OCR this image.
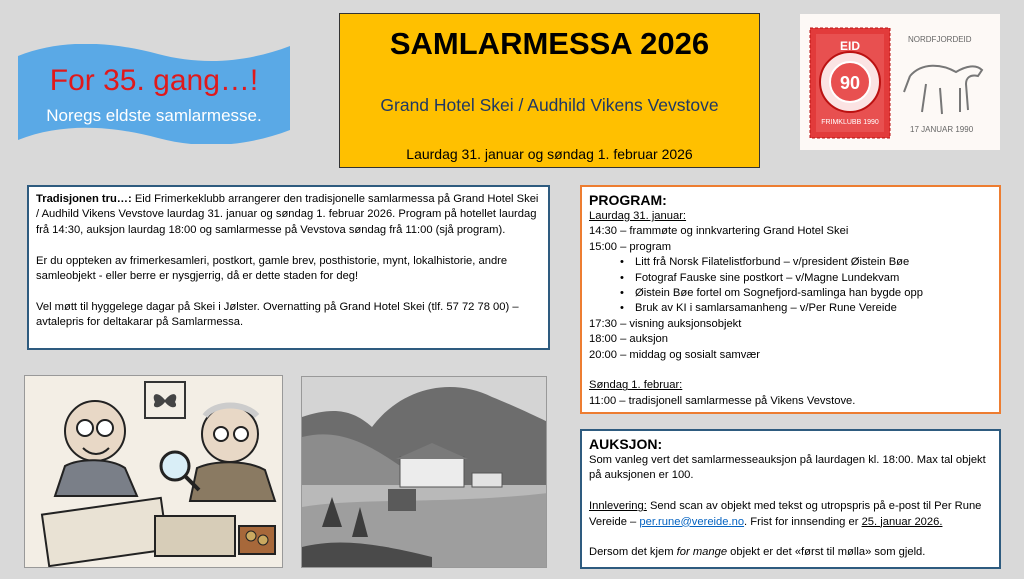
For 35. gang…!
Noregs eldste samlarmesse.
SAMLARMESSA 2026
Grand Hotel Skei / Audhild Vikens Vevstove
Laurdag 31. januar og søndag 1. februar 2026
90
EID
FRIMKLUBB 1990
NORDFJORDEID
17 JANUAR 1990

Tradisjonen tru…: Eid Frimerkeklubb arrangerer den tradisjonelle samlarmessa på Grand Hotel Skei / Audhild Vikens Vevstove laurdag 31. januar og søndag 1. februar 2026. Program på hotellet laurdag frå 14:30, auksjon laurdag 18:00 og samlarmesse på Vevstova søndag frå 11:00 (sjå program).

Er du oppteken av frimerkesamleri, postkort, gamle brev, posthistorie, mynt, lokalhistorie, andre samleobjekt - eller berre er nysgjerrig, då er dette staden for deg!

Vel møtt til hyggelege dagar på Skei i Jølster. Overnatting på Grand Hotel Skei (tlf. 57 72 78 00) – avtalepris for deltakarar på Samlarmessa.

PROGRAM:
Laurdag 31. januar:
14:30 – frammøte og innkvartering Grand Hotel Skei
15:00 – program
• Litt frå Norsk Filatelistforbund – v/president Øistein Bøe
• Fotograf Fauske sine postkort – v/Magne Lundekvam
• Øistein Bøe fortel om Sognefjord-samlinga han bygde opp
• Bruk av KI i samlarsamanheng – v/Per Rune Vereide
17:30 – visning auksjonsobjekt
18:00 – auksjon
20:00 – middag og sosialt samvær
Søndag 1. februar:
11:00 – tradisjonell samlarmesse på Vikens Vevstove.
AUKSJON:

Som vanleg vert det samlarmesseauksjon på laurdagen kl. 18:00. Max tal objekt på auksjonen er 100.

Innlevering: Send scan av objekt med tekst og utropspris på e-post til Per Rune Vereide – per.rune@vereide.no. Frist for innsending er 25. januar 2026.

Dersom det kjem for mange objekt er det «først til mølla» som gjeld.
